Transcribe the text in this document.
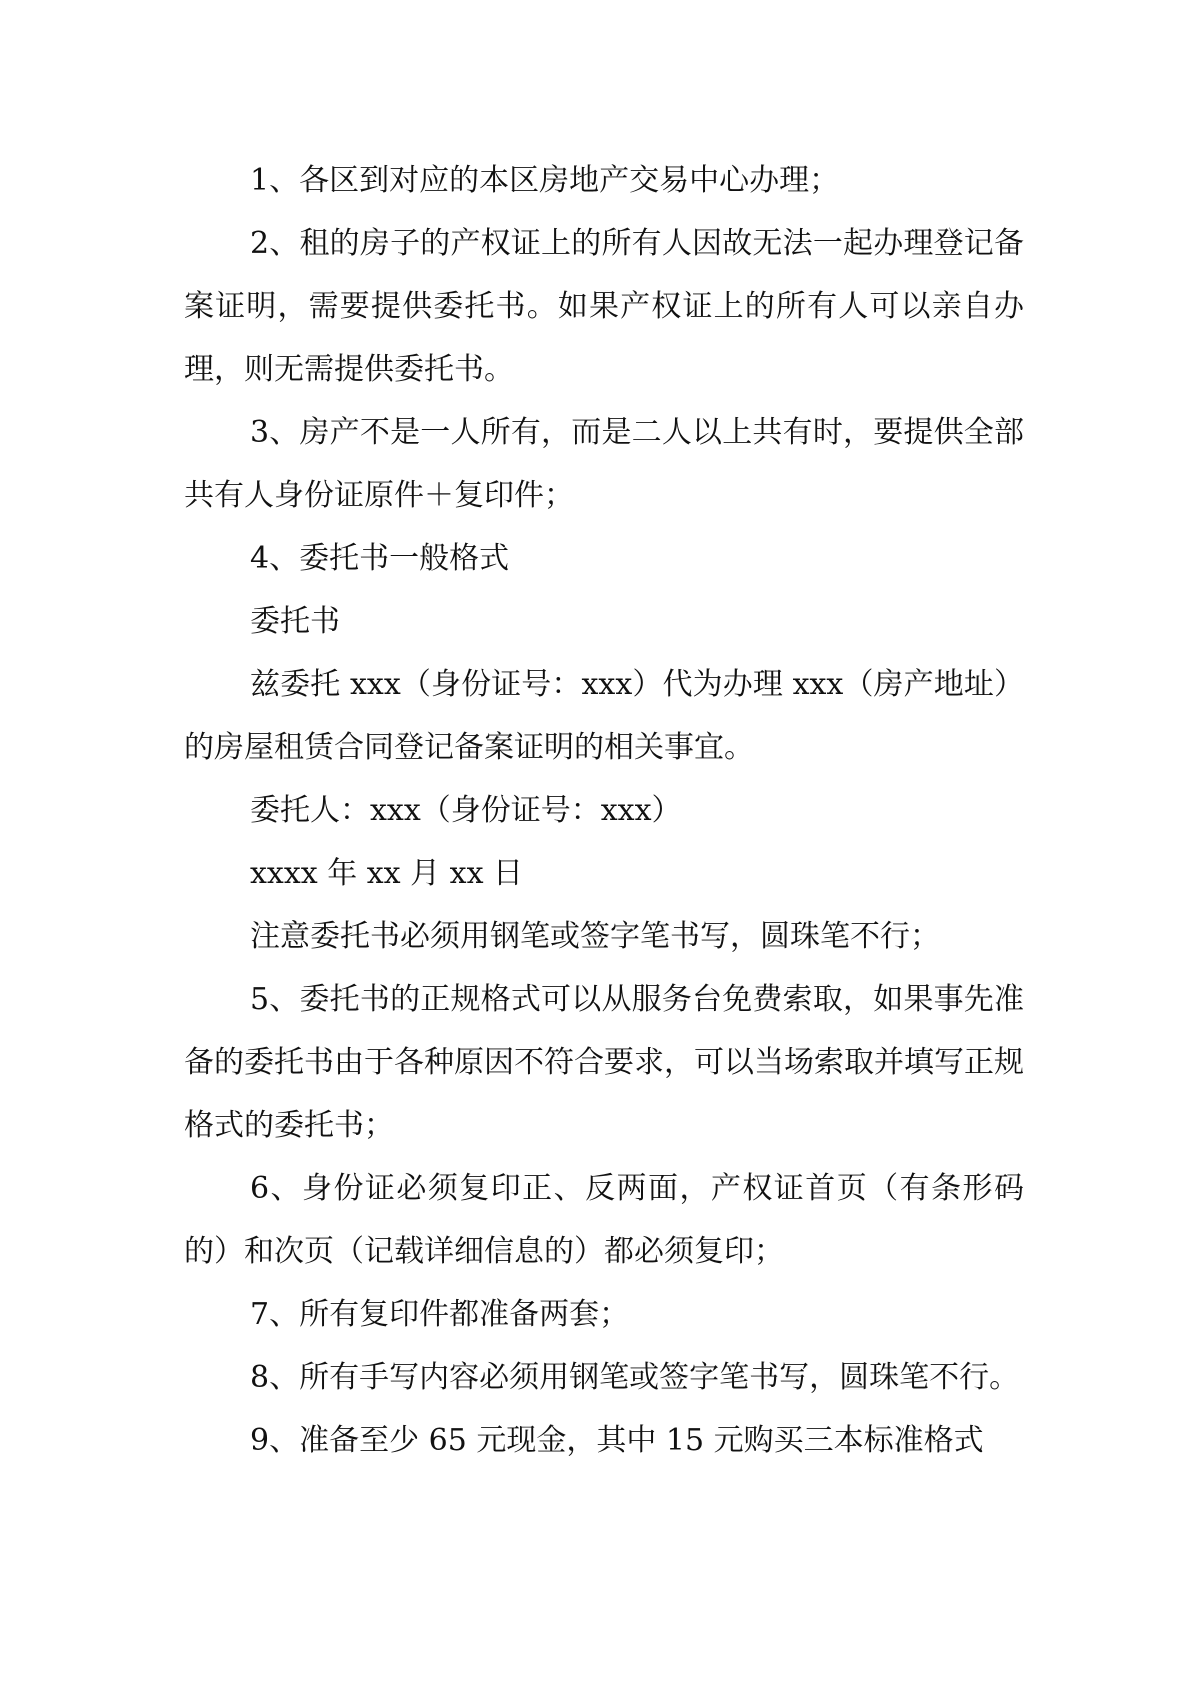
1、各区到对应的本区房地产交易中心办理；

2、租的房子的产权证上的所有人因故无法一起办理登记备案证明，需要提供委托书。如果产权证上的所有人可以亲自办理，则无需提供委托书。

3、房产不是一人所有，而是二人以上共有时，要提供全部共有人身份证原件＋复印件；

4、委托书一般格式

委托书

兹委托 xxx（身份证号：xxx）代为办理 xxx（房产地址）的房屋租赁合同登记备案证明的相关事宜。

委托人：xxx（身份证号：xxx）

xxxx 年 xx 月 xx 日

注意委托书必须用钢笔或签字笔书写，圆珠笔不行；

5、委托书的正规格式可以从服务台免费索取，如果事先准备的委托书由于各种原因不符合要求，可以当场索取并填写正规格式的委托书；

6、身份证必须复印正、反两面，产权证首页（有条形码的）和次页（记载详细信息的）都必须复印；

7、所有复印件都准备两套；

8、所有手写内容必须用钢笔或签字笔书写，圆珠笔不行。

9、准备至少 65 元现金，其中 15 元购买三本标准格式
